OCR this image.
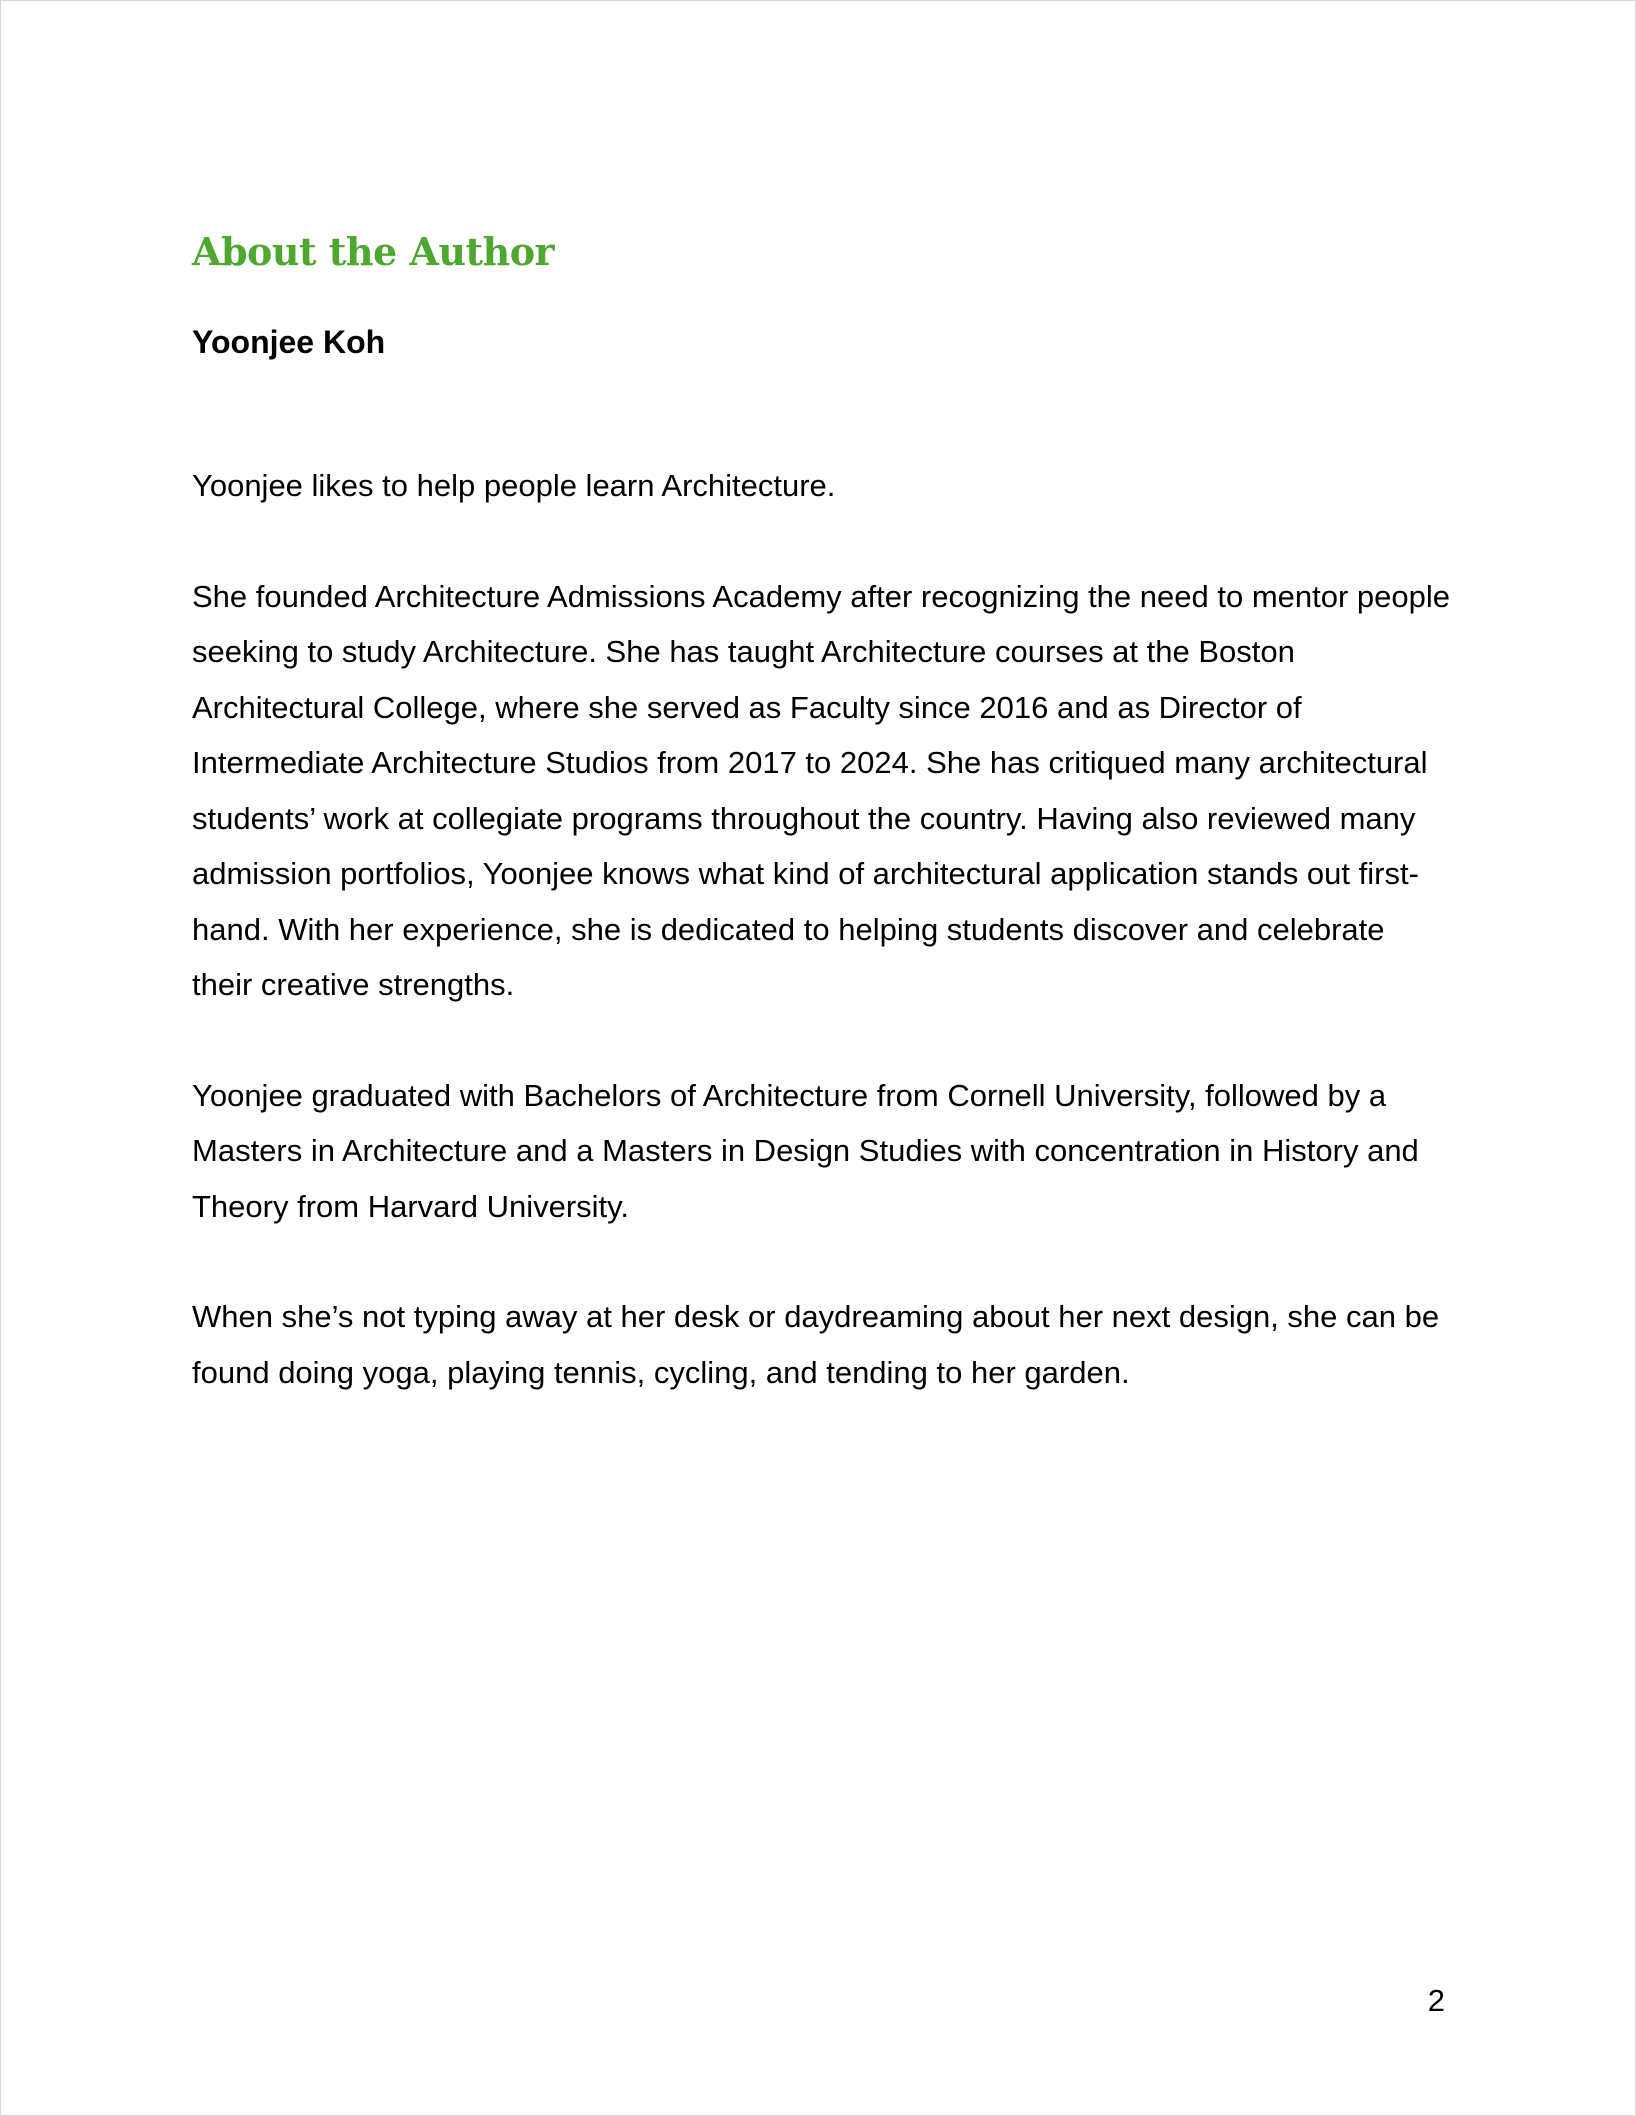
About the Author
Yoonjee Koh

Yoonjee likes to help people learn Architecture.

She founded Architecture Admissions Academy after recognizing the need to mentor people seeking to study Architecture. She has taught Architecture courses at the Boston Architectural College, where she served as Faculty since 2016 and as Director of Intermediate Architecture Studios from 2017 to 2024. She has critiqued many architectural students’ work at collegiate programs throughout the country. Having also reviewed many admission portfolios, Yoonjee knows what kind of architectural application stands out first-hand. With her experience, she is dedicated to helping students discover and celebrate their creative strengths.

Yoonjee graduated with Bachelors of Architecture from Cornell University, followed by a Masters in Architecture and a Masters in Design Studies with concentration in History and Theory from Harvard University.

When she’s not typing away at her desk or daydreaming about her next design, she can be found doing yoga, playing tennis, cycling, and tending to her garden.

2
